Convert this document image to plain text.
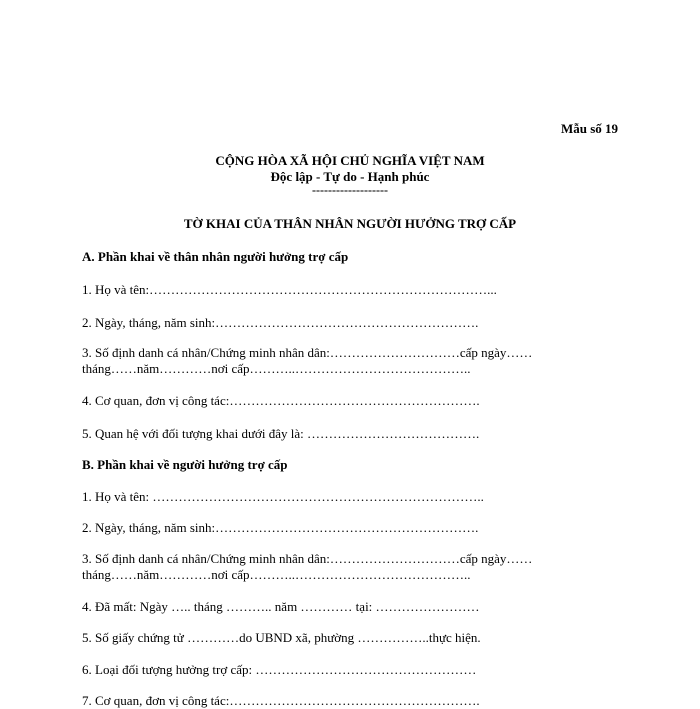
Mẫu số 19
CỘNG HÒA XÃ HỘI CHỦ NGHĨA VIỆT NAM
Độc lập - Tự do - Hạnh phúc
-------------------
TỜ KHAI CỦA THÂN NHÂN NGƯỜI HƯỞNG TRỢ CẤP
A. Phần khai về thân nhân người hưởng trợ cấp
1. Họ và tên:……………………………………………………………………...
2. Ngày, tháng, năm sinh:…………………………………………………….
3. Số định danh cá nhân/Chứng minh nhân dân:…………………………cấp ngày……
tháng……năm…………nơi cấp………..…………………………………..
4. Cơ quan, đơn vị công tác:………………………………………………….
5. Quan hệ với đối tượng khai dưới đây là: ………………………………….
B. Phần khai về người hưởng trợ cấp
1. Họ và tên: …………………………………………………………………..
2. Ngày, tháng, năm sinh:…………………………………………………….
3. Số định danh cá nhân/Chứng minh nhân dân:…………………………cấp ngày……
tháng……năm…………nơi cấp………..…………………………………..
4. Đã mất: Ngày ….. tháng ……….. năm ………… tại: ……………………
5. Số giấy chứng tử …………do UBND xã, phường ……………..thực hiện.
6. Loại đối tượng hưởng trợ cấp: ……………………………………………
7. Cơ quan, đơn vị công tác:………………………………………………….
